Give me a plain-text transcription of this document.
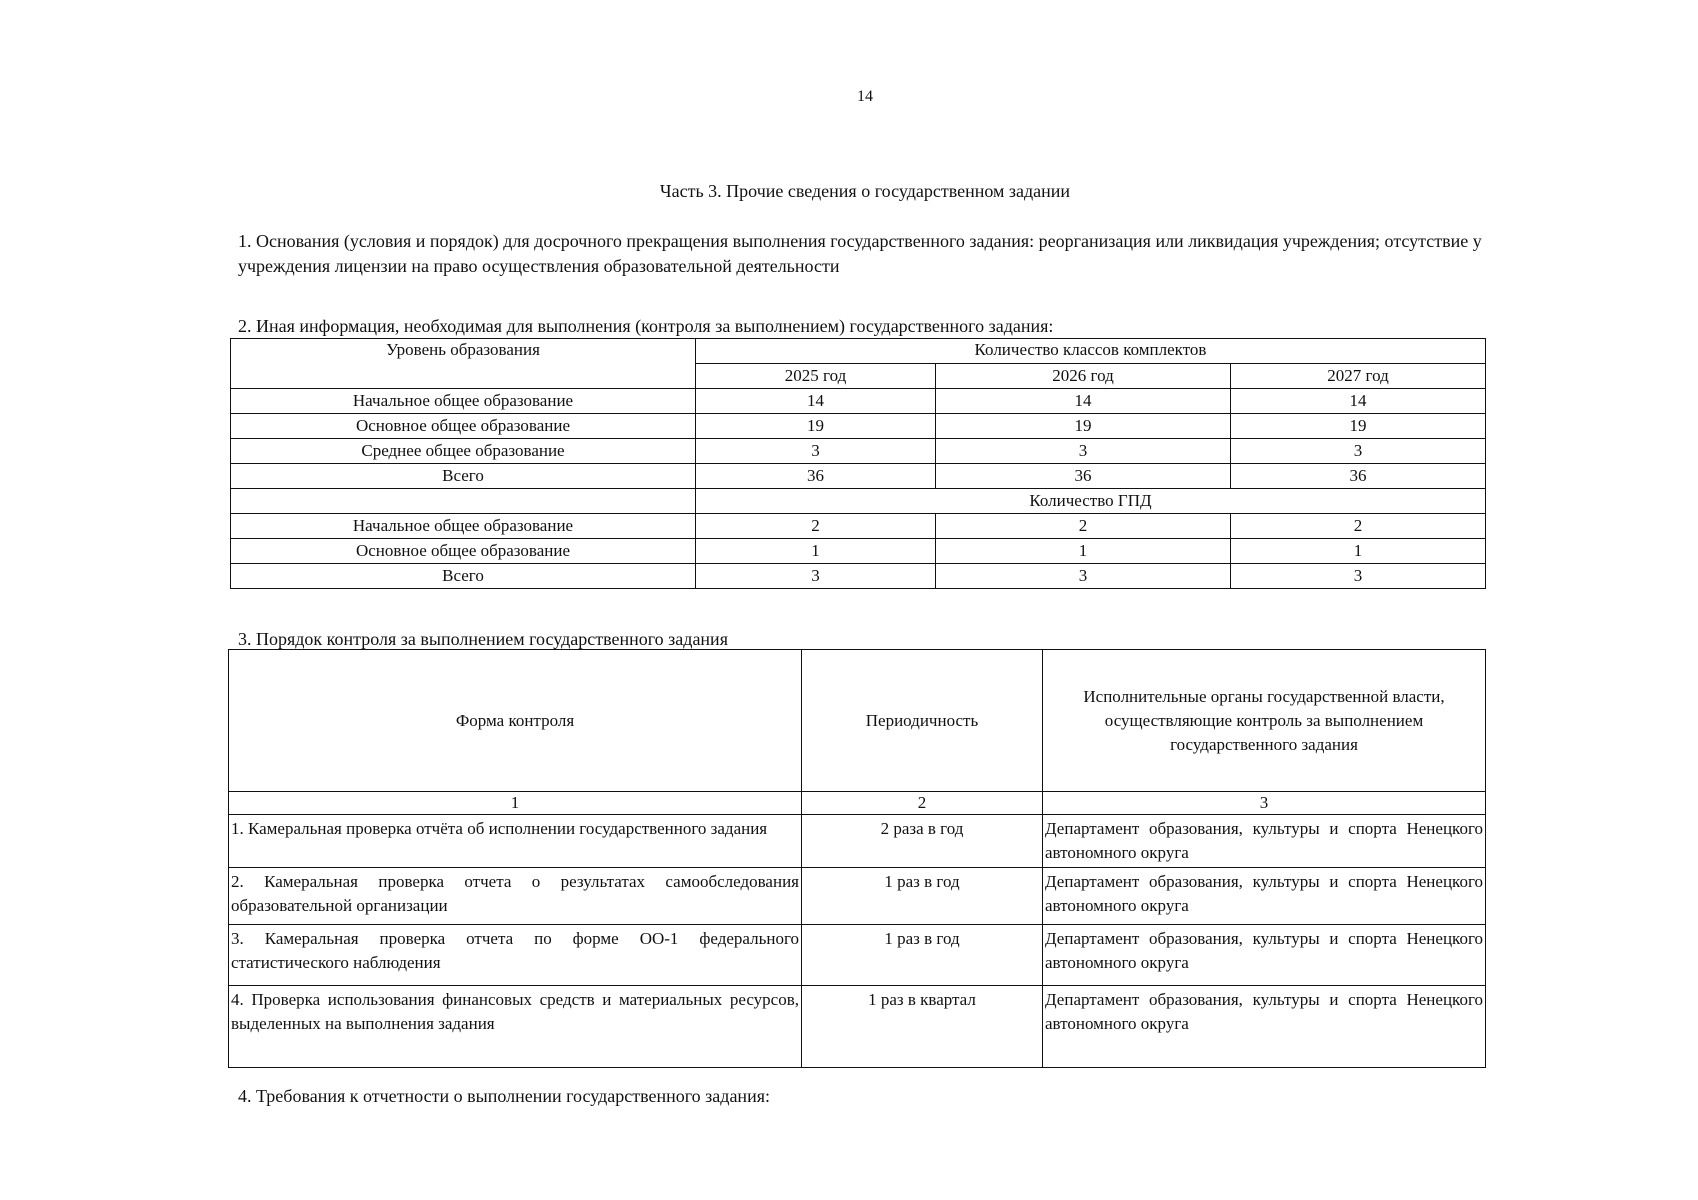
14
Часть 3. Прочие сведения о государственном задании
1. Основания (условия и порядок) для досрочного прекращения выполнения государственного задания: реорганизация или ликвидация учреждения; отсутствие у учреждения лицензии на право осуществления образовательной деятельности
2. Иная информация, необходимая для выполнения (контроля за выполнением) государственного задания:
Уровень образования	Количество классов комплектов		
	2025 год	2026 год	2027 год
Начальное общее образование	14	14	14
Основное общее образование	19	19	19
Среднее общее образование	3	3	3
Всего	36	36	36
	Количество ГПД		
Начальное общее образование	2	2	2
Основное общее образование	1	1	1
Всего	3	3	3
3. Порядок контроля за выполнением государственного задания
Форма контроля	Периодичность	Исполнительные органы государственной власти, осуществляющие контроль за выполнением государственного задания
1	2	3
1. Камеральная проверка отчёта об исполнении государственного задания	2 раза в год	Департамент образования, культуры и спорта Ненецкого автономного округа
2. Камеральная проверка отчета о результатах самообследования образовательной организации	1 раз в год	Департамент образования, культуры и спорта Ненецкого автономного округа
3. Камеральная проверка отчета по форме ОО-1 федерального статистического наблюдения	1 раз в год	Департамент образования, культуры и спорта Ненецкого автономного округа
4. Проверка использования финансовых средств и материальных ресурсов, выделенных на выполнения задания	1 раз в квартал	Департамент образования, культуры и спорта Ненецкого автономного округа
4. Требования к отчетности о выполнении государственного задания:
